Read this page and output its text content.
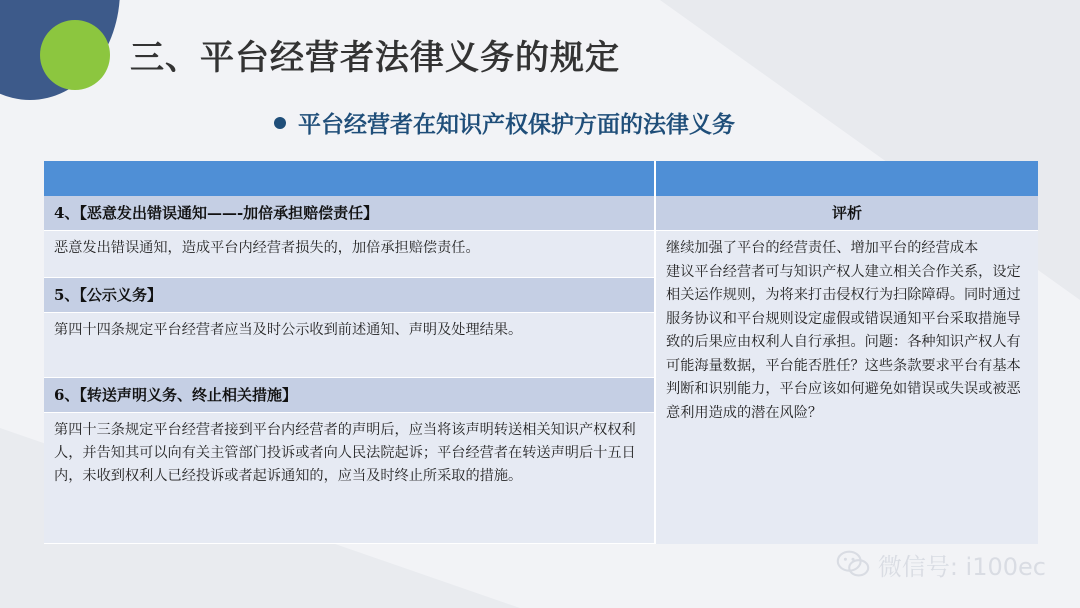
三、平台经营者法律义务的规定
平台经营者在知识产权保护方面的法律义务
4、【恶意发出错误通知——-加倍承担赔偿责任】
恶意发出错误通知，造成平台内经营者损失的，加倍承担赔偿责任。
5、【公示义务】
第四十四条规定平台经营者应当及时公示收到前述通知、声明及处理结果。
6、【转送声明义务、终止相关措施】
第四十三条规定平台经营者接到平台内经营者的声明后，应当将该声明转送相关知识产权权利人，并告知其可以向有关主管部门投诉或者向人民法院起诉；平台经营者在转送声明后十五日内，未收到权利人已经投诉或者起诉通知的，应当及时终止所采取的措施。
评析
继续加强了平台的经营责任、增加平台的经营成本
建议平台经营者可与知识产权人建立相关合作关系，设定相关运作规则，为将来打击侵权行为扫除障碍。同时通过服务协议和平台规则设定虚假或错误通知平台采取措施导致的后果应由权利人自行承担。问题：各种知识产权人有可能海量数据，平台能否胜任？这些条款要求平台有基本判断和识别能力，平台应该如何避免如错误或失误或被恶意利用造成的潜在风险？
微信号: i100ec
